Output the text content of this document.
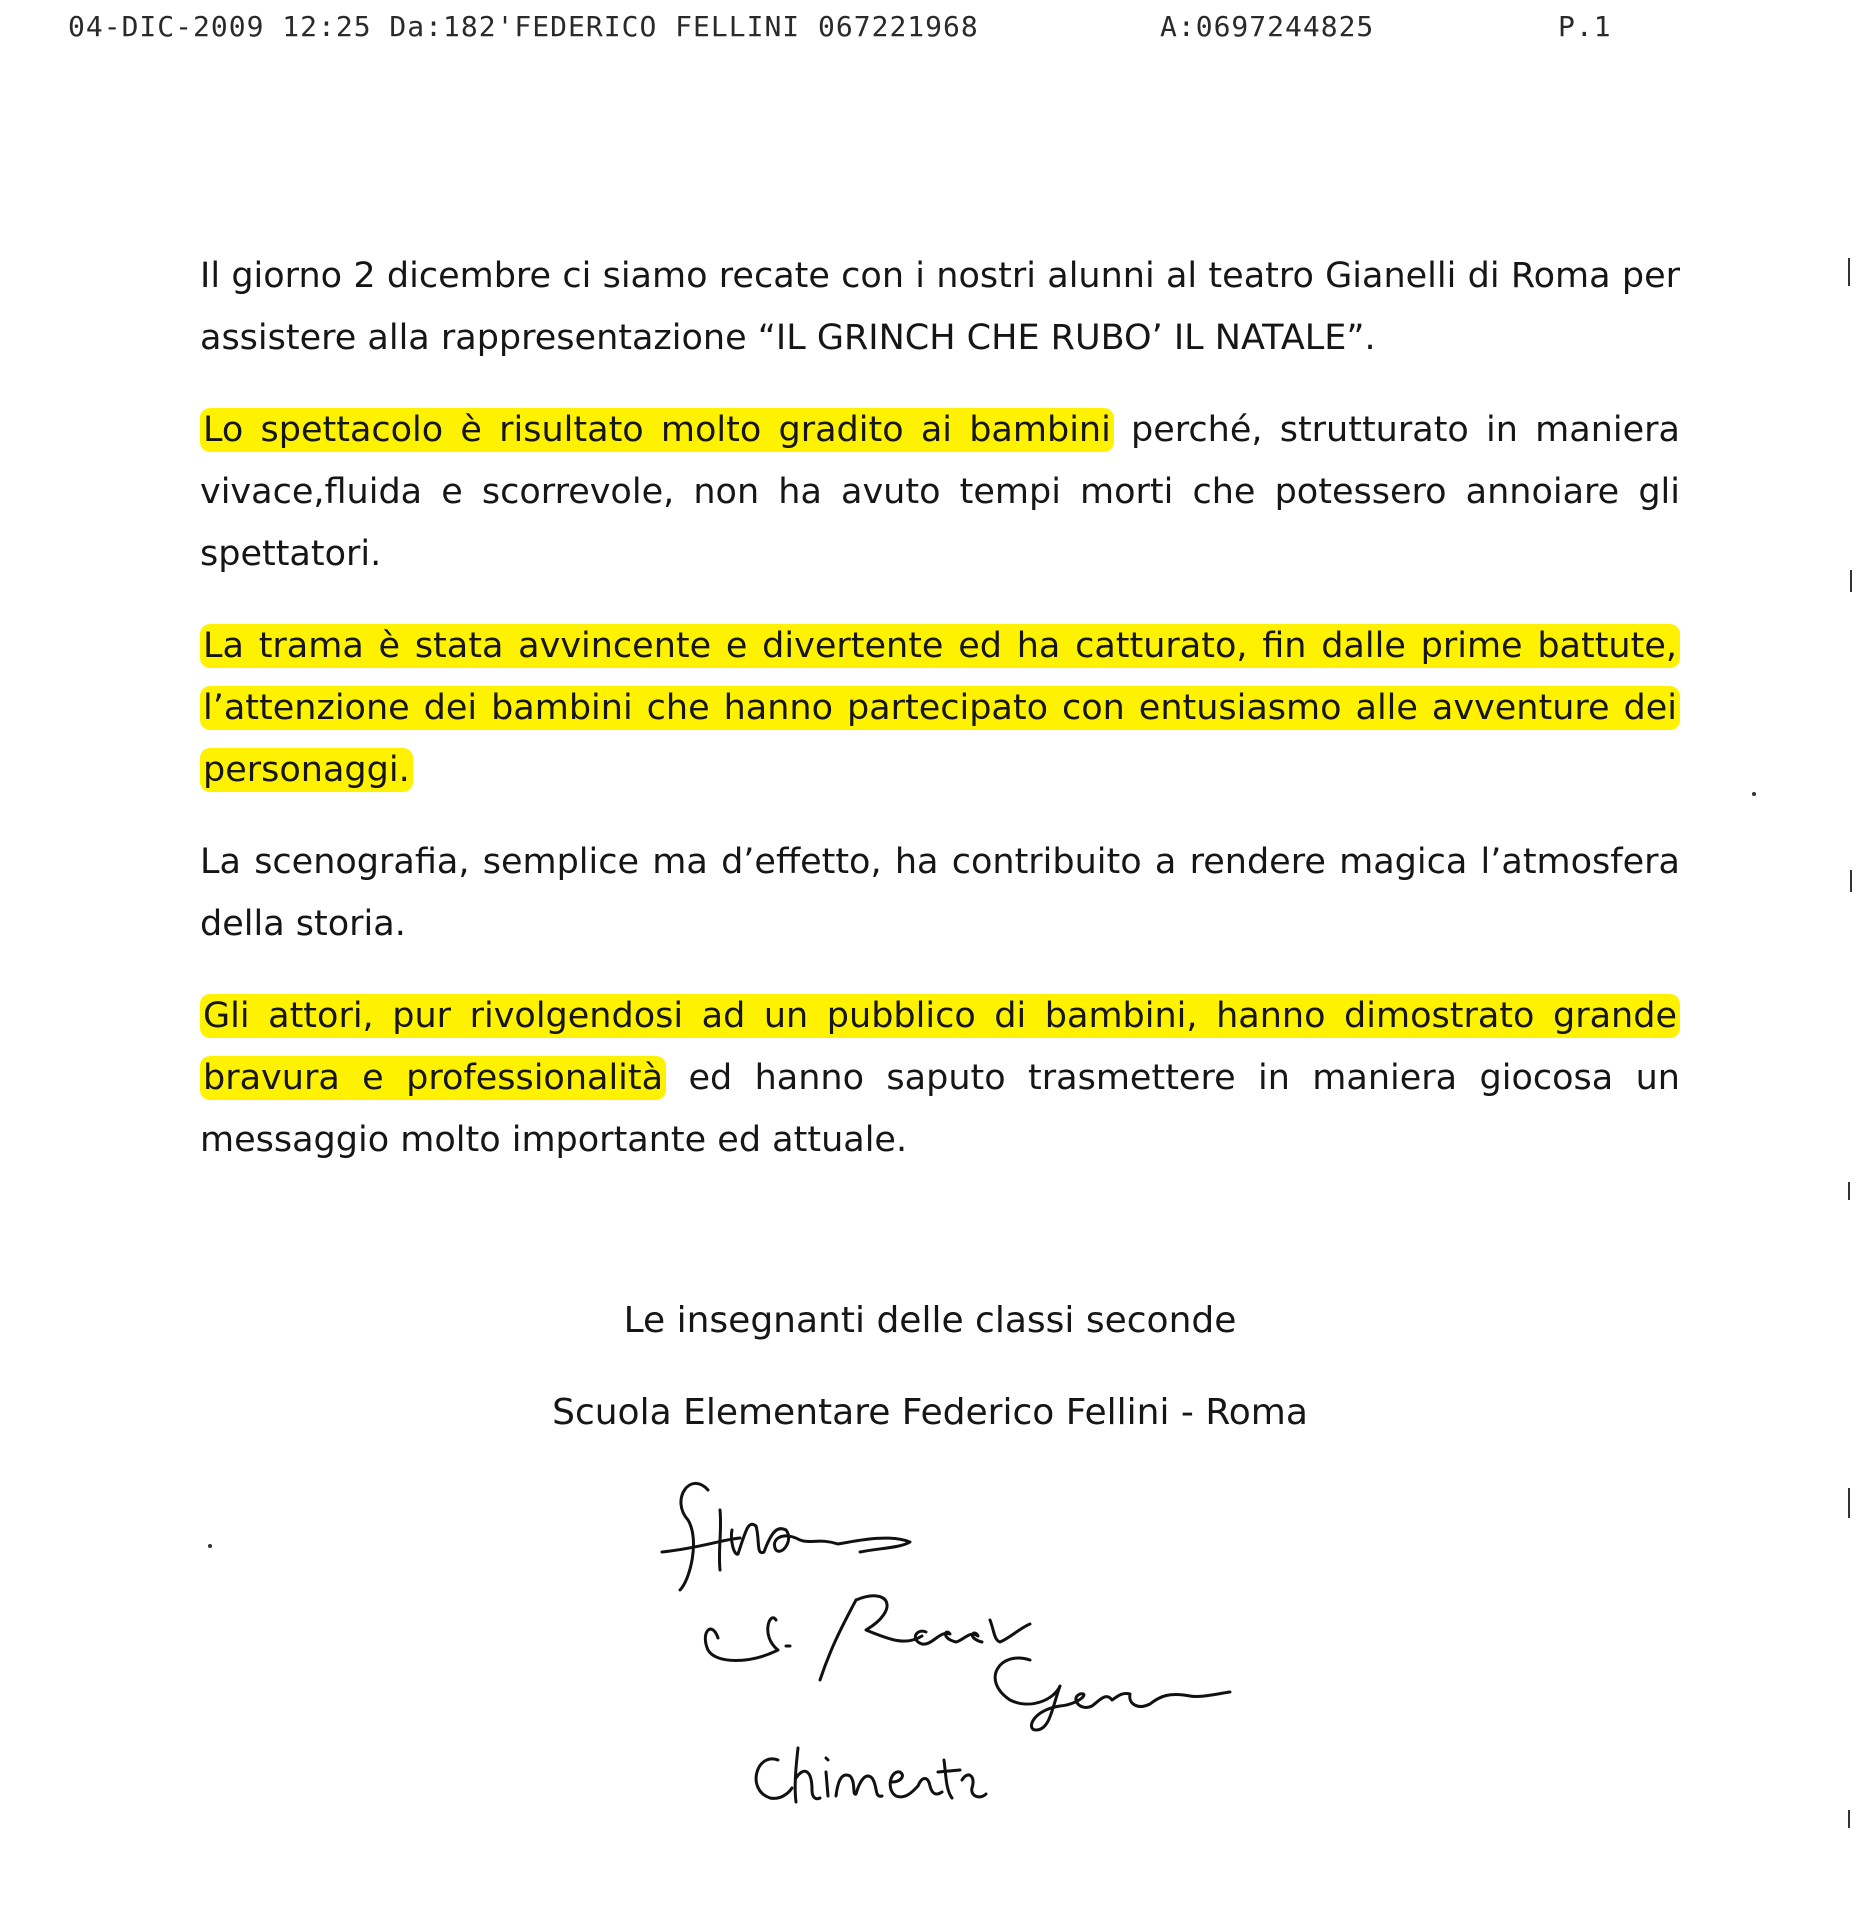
04-DIC-2009 12:25 Da:182'FEDERICO FELLINI 067221968	A:0697244825	P.1

Il giorno 2 dicembre ci siamo recate con i nostri alunni al teatro Gianelli di Roma per assistere alla rappresentazione “IL GRINCH CHE RUBO’ IL NATALE”.

Lo spettacolo è risultato molto gradito ai bambini perché, strutturato in maniera vivace,fluida e scorrevole, non ha avuto tempi morti che potessero annoiare gli spettatori.

La trama è stata avvincente e divertente ed ha catturato, fin dalle prime battute, l’attenzione dei bambini che hanno partecipato con entusiasmo alle avventure dei personaggi.

La scenografia, semplice ma d’effetto, ha contribuito a rendere magica l’atmosfera della storia.

Gli attori, pur rivolgendosi ad un pubblico di bambini, hanno dimostrato grande bravura e professionalità ed hanno saputo trasmettere in maniera giocosa un messaggio molto importante ed attuale.

Le insegnanti delle classi seconde
Scuola Elementare Federico Fellini - Roma
